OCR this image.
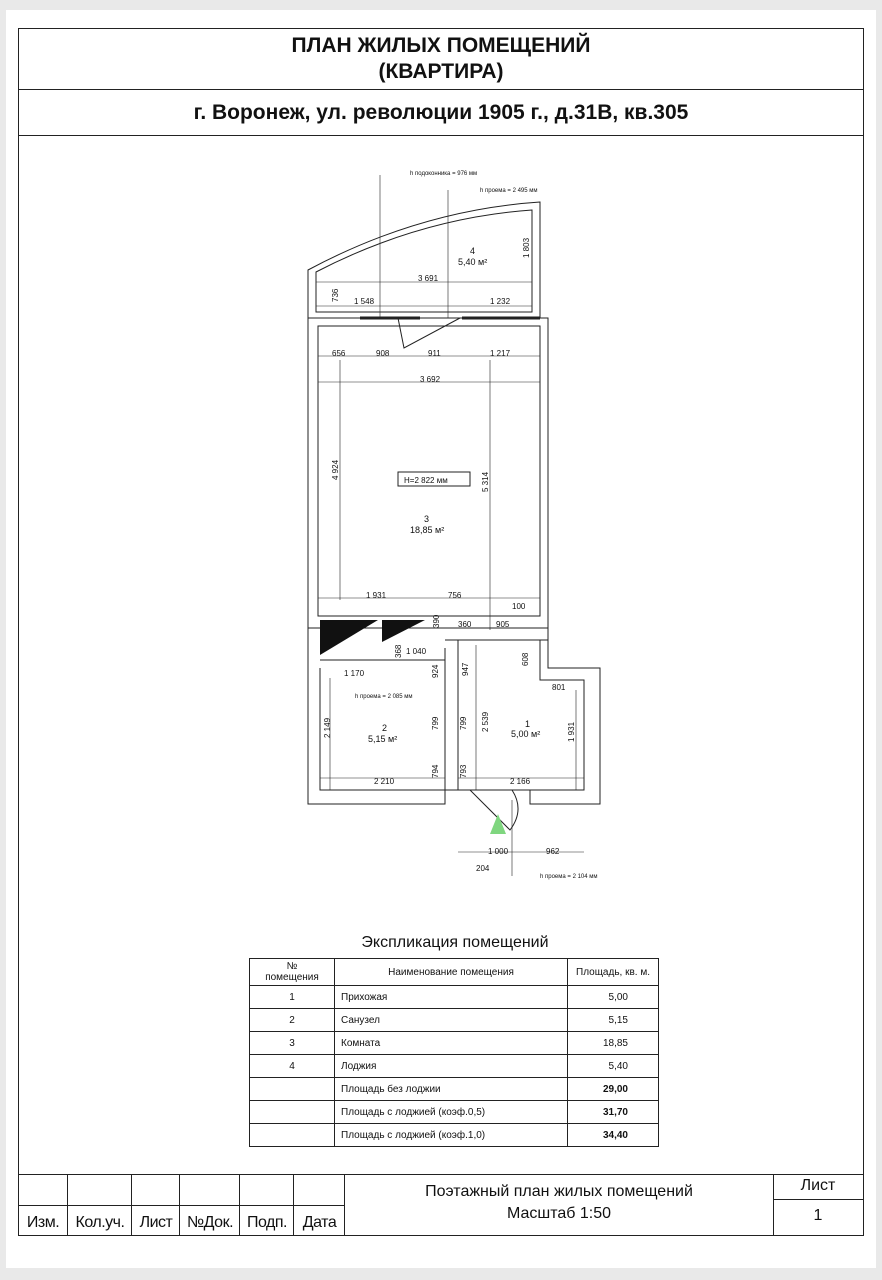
ПЛАН ЖИЛЫХ ПОМЕЩЕНИЙ
(КВАРТИРА)
г. Воронеж, ул. революции 1905 г., д.31В, кв.305
h подоконника = 976 мм
h проема = 2 495 мм
h проема = 2 085 мм
h проема = 2 104 мм
H=2 822 мм
4
5,40 м²
3
18,85 м²
2
5,15 м²
1
5,00 м²
3 691
1 803
736 1 548	1 232
656	908	911	1 217
3 692
4 924
5 314
1 931	756
100
390 360	905
1 040
368
1 170	924	947
608
801
2 149	799 799 2 539	1 931
2 210
794 793
2 166
1 000	962
204
Экспликация помещений
№
помещения	Наименование помещения	Площадь, кв. м.
1	Прихожая	5,00
2	Санузел	5,15
3	Комната	18,85
4	Лоджия	5,40
	Площадь без лоджии	29,00
	Площадь с лоджией (коэф.0,5)	31,70
	Площадь с лоджией (коэф.1,0)	34,40
Изм.	Кол.уч. Лист №Док. Подп. Дата
Поэтажный план жилых помещений
Масштаб 1:50
Лист
1
